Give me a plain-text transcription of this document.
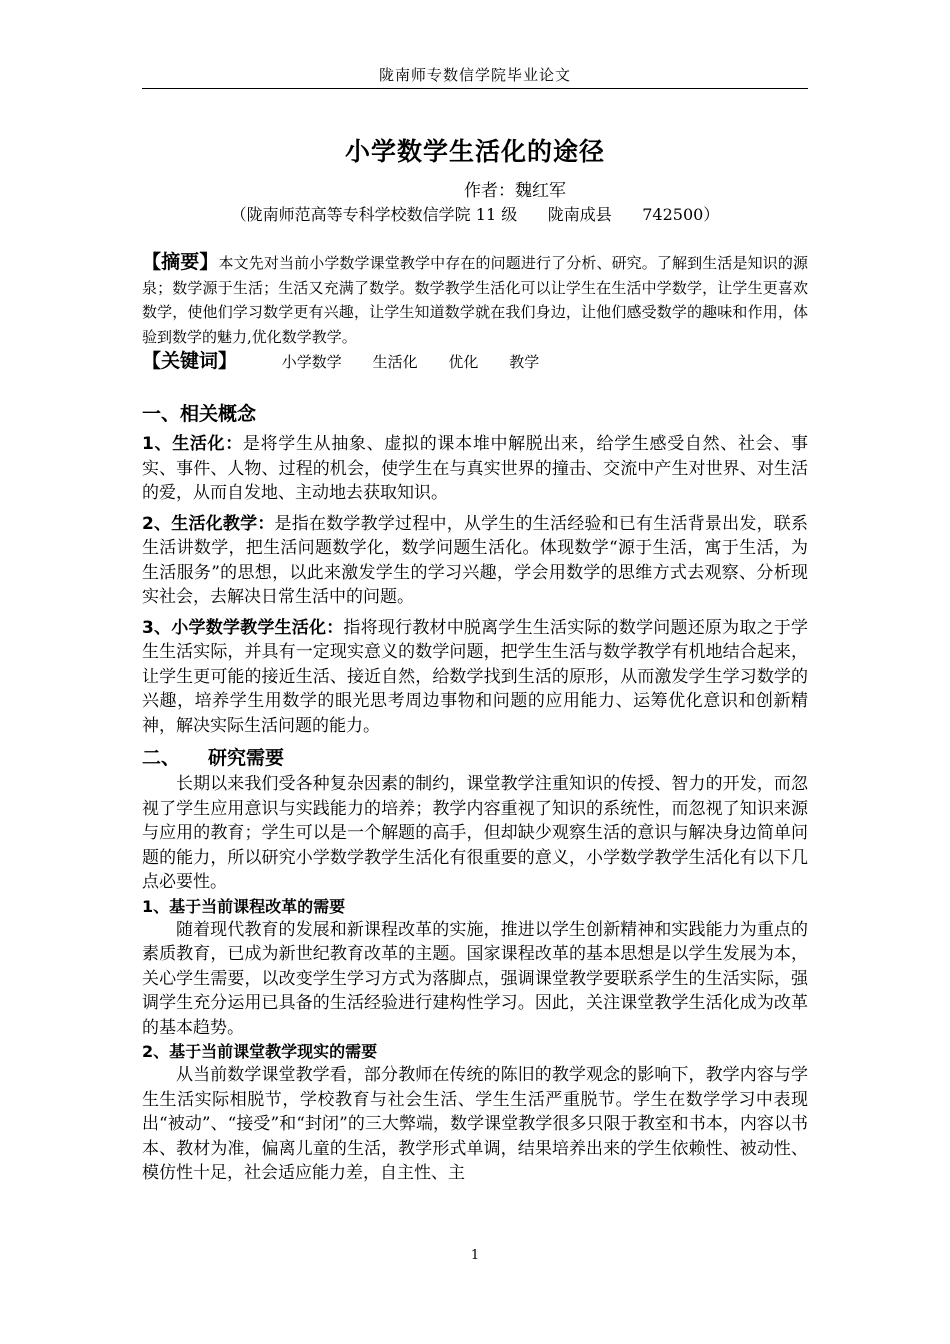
陇南师专数信学院毕业论文
小学数学生活化的途径
作者：魏红军
（陇南师范高等专科学校数信学院 11 级      陇南成县      742500）
【摘要】本文先对当前小学数学课堂教学中存在的问题进行了分析、研究。了解到生活是知识的源泉；数学源于生活；生活又充满了数学。数学教学生活化可以让学生在生活中学数学，让学生更喜欢数学，使他们学习数学更有兴趣，让学生知道数学就在我们身边，让他们感受数学的趣味和作用，体验到数学的魅力,优化数学教学。
【关键词】	小学数学 生活化 优化 教学
一、相关概念

1、生活化：是将学生从抽象、虚拟的课本堆中解脱出来，给学生感受自然、社会、事实、事件、人物、过程的机会，使学生在与真实世界的撞击、交流中产生对世界、对生活的爱，从而自发地、主动地去获取知识。

2、生活化教学：是指在数学教学过程中，从学生的生活经验和已有生活背景出发，联系生活讲数学，把生活问题数学化，数学问题生活化。体现数学“源于生活，寓于生活，为生活服务”的思想，以此来激发学生的学习兴趣，学会用数学的思维方式去观察、分析现实社会，去解决日常生活中的问题。

3、小学数学教学生活化：指将现行教材中脱离学生生活实际的数学问题还原为取之于学生生活实际，并具有一定现实意义的数学问题，把学生生活与数学教学有机地结合起来，让学生更可能的接近生活、接近自然，给数学找到生活的原形，从而激发学生学习数学的兴趣，培养学生用数学的眼光思考周边事物和问题的应用能力、运筹优化意识和创新精神，解决实际生活问题的能力。

二、 研究需要

长期以来我们受各种复杂因素的制约，课堂教学注重知识的传授、智力的开发，而忽视了学生应用意识与实践能力的培养；教学内容重视了知识的系统性，而忽视了知识来源与应用的教育；学生可以是一个解题的高手，但却缺少观察生活的意识与解决身边简单问题的能力，所以研究小学数学教学生活化有很重要的意义，小学数学教学生活化有以下几点必要性。

1、基于当前课程改革的需要

随着现代教育的发展和新课程改革的实施，推进以学生创新精神和实践能力为重点的素质教育，已成为新世纪教育改革的主题。国家课程改革的基本思想是以学生发展为本，关心学生需要，以改变学生学习方式为落脚点，强调课堂教学要联系学生的生活实际，强调学生充分运用已具备的生活经验进行建构性学习。因此，关注课堂教学生活化成为改革的基本趋势。

2、基于当前课堂教学现实的需要

从当前数学课堂教学看，部分教师在传统的陈旧的教学观念的影响下，教学内容与学生生活实际相脱节，学校教育与社会生活、学生生活严重脱节。学生在数学学习中表现出“被动”、“接受”和“封闭”的三大弊端，数学课堂教学很多只限于教室和书本，内容以书本、教材为准，偏离儿童的生活，教学形式单调，结果培养出来的学生依赖性、被动性、模仿性十足，社会适应能力差，自主性、主

1
